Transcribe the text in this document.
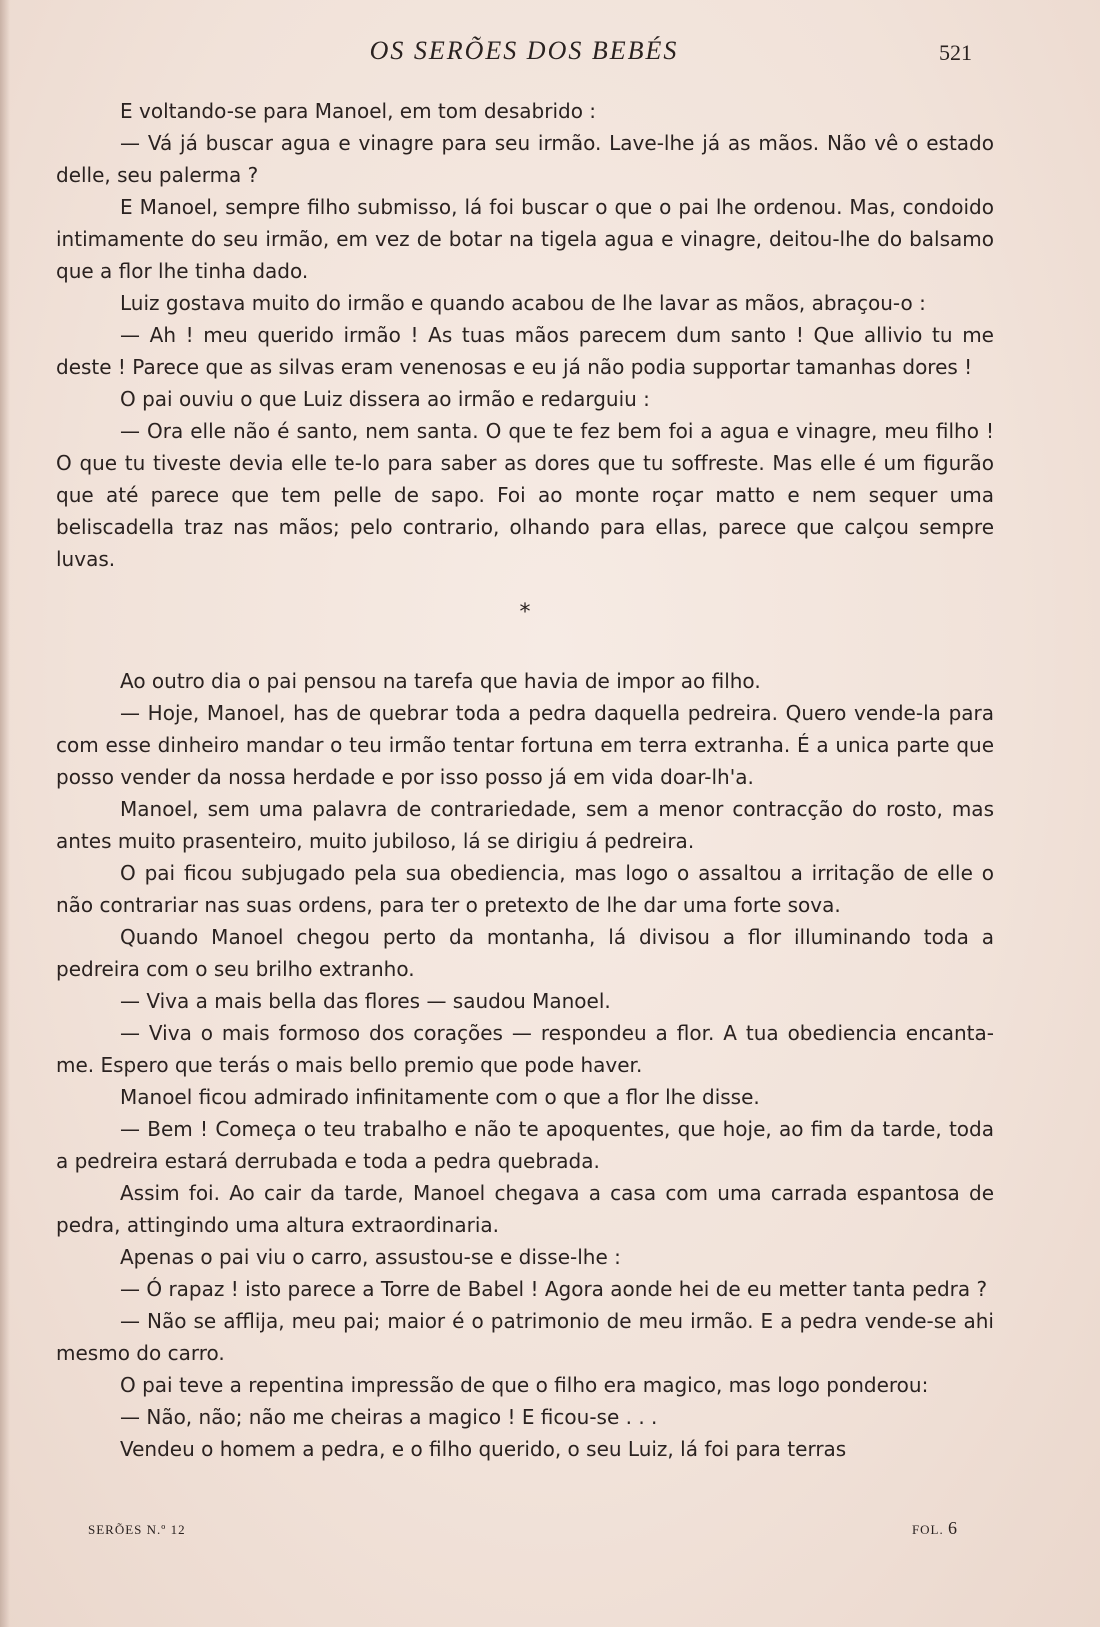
OS SERÕES DOS BEBÉS	521

E voltando-se para Manoel, em tom desabrido :

— Vá já buscar agua e vinagre para seu irmão. Lave-lhe já as mãos. Não vê o estado delle, seu palerma ?

E Manoel, sempre filho submisso, lá foi buscar o que o pai lhe ordenou. Mas, condoido intimamente do seu irmão, em vez de botar na tigela agua e vinagre, deitou-lhe do balsamo que a flor lhe tinha dado.

Luiz gostava muito do irmão e quando acabou de lhe lavar as mãos, abraçou-o :

— Ah ! meu querido irmão ! As tuas mãos parecem dum santo ! Que allivio tu me deste ! Parece que as silvas eram venenosas e eu já não podia supportar tamanhas dores !

O pai ouviu o que Luiz dissera ao irmão e redarguiu :

— Ora elle não é santo, nem santa. O que te fez bem foi a agua e vinagre, meu filho ! O que tu tiveste devia elle te-lo para saber as dores que tu soffreste. Mas elle é um figurão que até parece que tem pelle de sapo. Foi ao monte roçar matto e nem sequer uma beliscadella traz nas mãos; pelo contrario, olhando para ellas, parece que calçou sempre luvas.

*

Ao outro dia o pai pensou na tarefa que havia de impor ao filho.

— Hoje, Manoel, has de quebrar toda a pedra daquella pedreira. Quero vende-la para com esse dinheiro mandar o teu irmão tentar fortuna em terra extranha. É a unica parte que posso vender da nossa herdade e por isso posso já em vida doar-lh'a.

Manoel, sem uma palavra de contrariedade, sem a menor contracção do rosto, mas antes muito prasenteiro, muito jubiloso, lá se dirigiu á pedreira.

O pai ficou subjugado pela sua obediencia, mas logo o assaltou a irritação de elle o não contrariar nas suas ordens, para ter o pretexto de lhe dar uma forte sova.

Quando Manoel chegou perto da montanha, lá divisou a flor illuminando toda a pedreira com o seu brilho extranho.

— Viva a mais bella das flores — saudou Manoel.

— Viva o mais formoso dos corações — respondeu a flor. A tua obediencia encanta-me. Espero que terás o mais bello premio que pode haver.

Manoel ficou admirado infinitamente com o que a flor lhe disse.

— Bem ! Começa o teu trabalho e não te apoquentes, que hoje, ao fim da tarde, toda a pedreira estará derrubada e toda a pedra quebrada.

Assim foi. Ao cair da tarde, Manoel chegava a casa com uma carrada espantosa de pedra, attingindo uma altura extraordinaria.

Apenas o pai viu o carro, assustou-se e disse-lhe :

— Ó rapaz ! isto parece a Torre de Babel ! Agora aonde hei de eu metter tanta pedra ?

— Não se afflija, meu pai; maior é o patrimonio de meu irmão. E a pedra vende-se ahi mesmo do carro.

O pai teve a repentina impressão de que o filho era magico, mas logo ponderou:

— Não, não; não me cheiras a magico ! E ficou-se . . .

Vendeu o homem a pedra, e o filho querido, o seu Luiz, lá foi para terras

SERÕES N.º 12	FOL. 6
